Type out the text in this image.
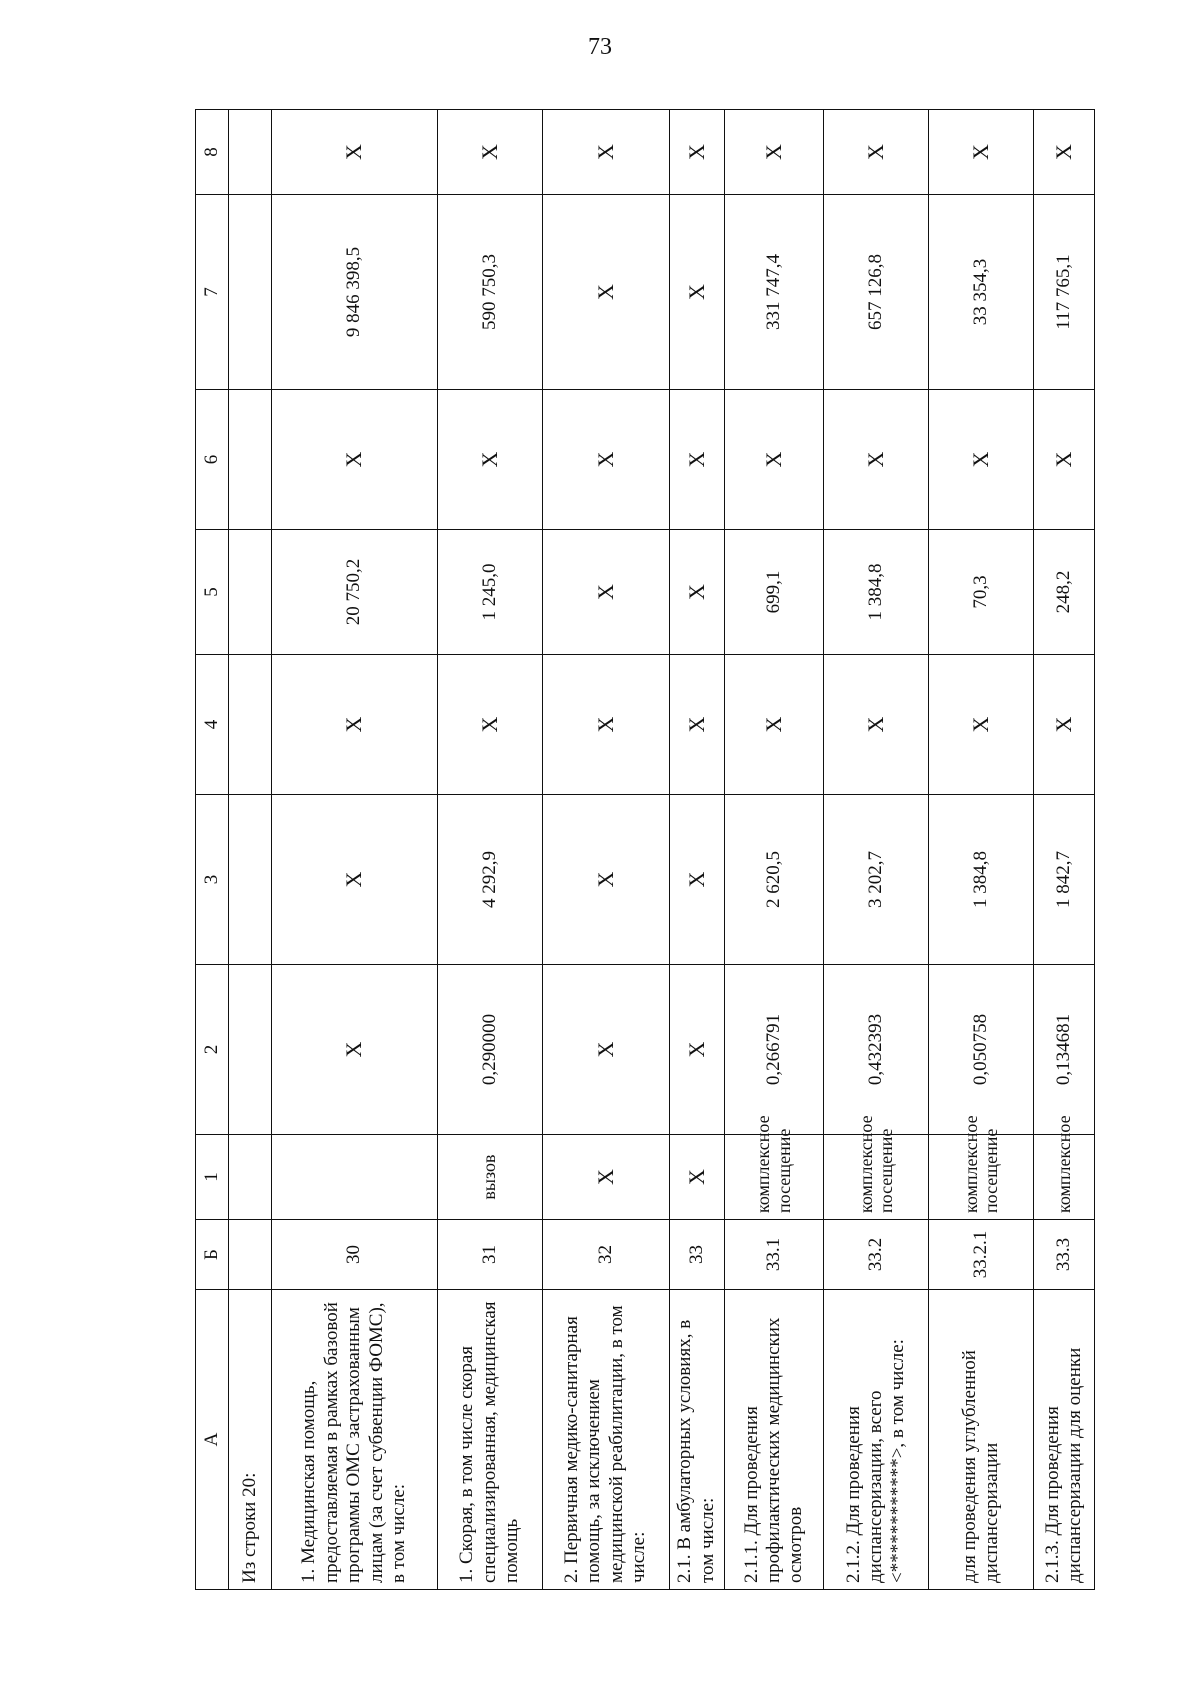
73
А	Б	1	2	3	4	5	6	7	8
Из строки 20:									
1. Медицинская помощь, предоставляемая в рамках базовой программы ОМС застрахованным лицам (за счет субвенции ФОМС), в том числе:	30		Х	Х	Х	20 750,2	Х	9 846 398,5	Х
1. Скорая, в том числе скорая специализированная, медицинская помощь	31	вызов	0,290000	4 292,9	Х	1 245,0	Х	590 750,3	Х
2. Первичная медико-санитарная помощь, за исключением медицинской реабилитации, в том числе:	32	Х	Х	Х	Х	Х	Х	Х	Х
2.1. В амбулаторных условиях, в том числе:	33	Х	Х	Х	Х	Х	Х	Х	Х
2.1.1. Для проведения профилактических медицинских осмотров	33.1	комплексное посещение	0,266791	2 620,5	Х	699,1	Х	331 747,4	Х
2.1.2. Для проведения диспансеризации, всего <************>, в том числе:	33.2	комплексное посещение	0,432393	3 202,7	Х	1 384,8	Х	657 126,8	Х
для проведения углубленной диспансеризации	33.2.1	комплексное посещение	0,050758	1 384,8	Х	70,3	Х	33 354,3	Х
2.1.3. Для проведения диспансеризации для оценки	33.3	комплексное	0,134681	1 842,7	Х	248,2	Х	117 765,1	Х
